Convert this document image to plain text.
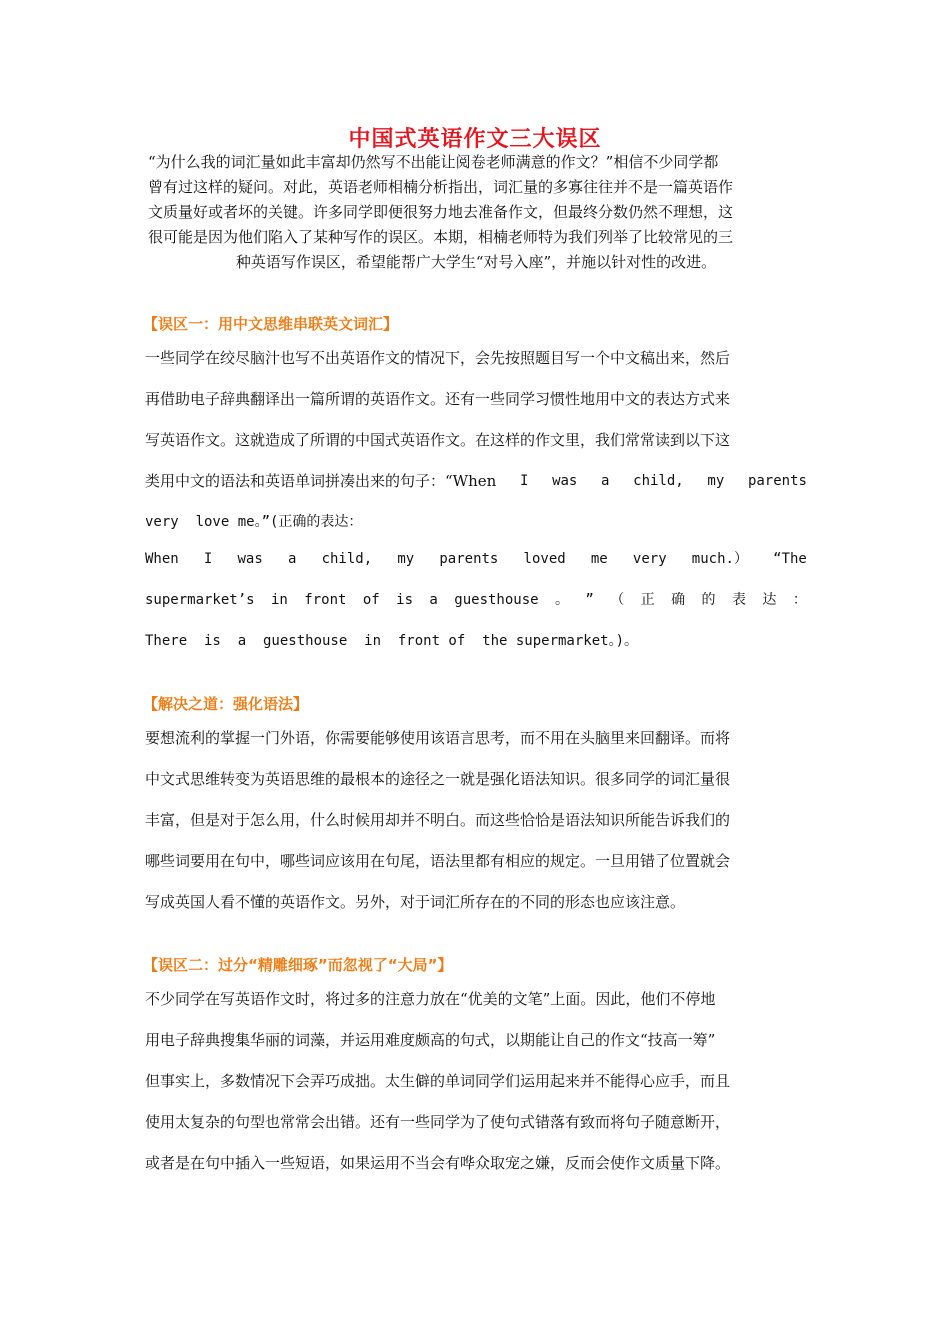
中国式英语作文三大误区
“为什么我的词汇量如此丰富却仍然写不出能让阅卷老师满意的作文？”相信不少同学都
曾有过这样的疑问。对此，英语老师相楠分析指出，词汇量的多寡往往并不是一篇英语作
文质量好或者坏的关键。许多同学即便很努力地去准备作文，但最终分数仍然不理想，这
很可能是因为他们陷入了某种写作的误区。本期，相楠老师特为我们列举了比较常见的三
种英语写作误区，希望能帮广大学生“对号入座”，并施以针对性的改进。
【误区一：用中文思维串联英文词汇】
一些同学在绞尽脑汁也写不出英语作文的情况下，会先按照题目写一个中文稿出来，然后
再借助电子辞典翻译出一篇所谓的英语作文。还有一些同学习惯性地用中文的表达方式来
写英语作文。这就造成了所谓的中国式英语作文。在这样的作文里，我们常常读到以下这
类用中文的语法和英语单词拼凑出来的句子：“When I was a child, my parents
very  love me。”(正确的表达：
When I was a child, my parents loved me very much.） “The
supermarket’s in front of is a guesthouse 。 ” （ 正 确 的 表 达 ：
There  is  a  guesthouse  in  front of  the supermarket。)。
【解决之道：强化语法】
要想流利的掌握一门外语，你需要能够使用该语言思考，而不用在头脑里来回翻译。而将
中文式思维转变为英语思维的最根本的途径之一就是强化语法知识。很多同学的词汇量很
丰富，但是对于怎么用，什么时候用却并不明白。而这些恰恰是语法知识所能告诉我们的
哪些词要用在句中，哪些词应该用在句尾，语法里都有相应的规定。一旦用错了位置就会
写成英国人看不懂的英语作文。另外，对于词汇所存在的不同的形态也应该注意。
【误区二：过分“精雕细琢”而忽视了“大局”】
不少同学在写英语作文时，将过多的注意力放在“优美的文笔”上面。因此，他们不停地
用电子辞典搜集华丽的词藻，并运用难度颇高的句式，以期能让自己的作文“技高一筹”
但事实上，多数情况下会弄巧成拙。太生僻的单词同学们运用起来并不能得心应手，而且
使用太复杂的句型也常常会出错。还有一些同学为了使句式错落有致而将句子随意断开，
或者是在句中插入一些短语，如果运用不当会有哗众取宠之嫌，反而会使作文质量下降。
